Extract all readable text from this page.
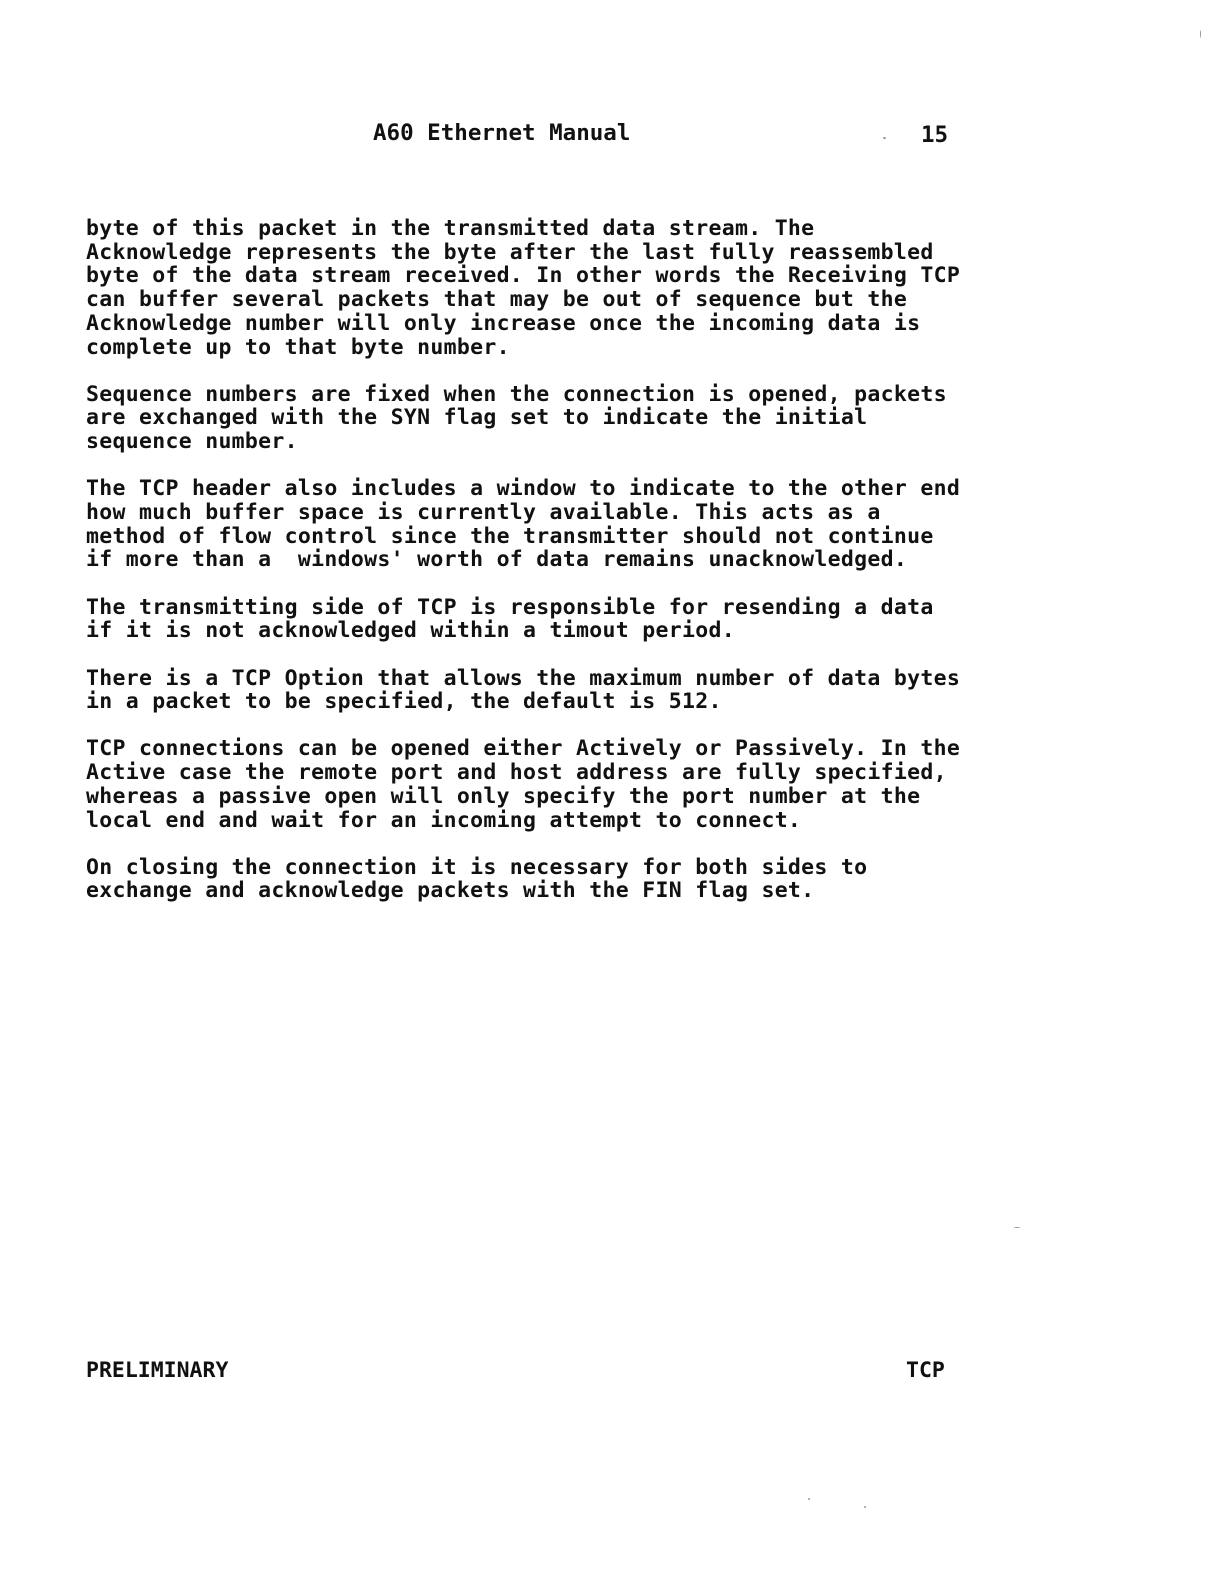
A60 Ethernet Manual	15

byte of this packet in the transmitted data stream. The
Acknowledge represents the byte after the last fully reassembled
byte of the data stream received. In other words the Receiving TCP
can buffer several packets that may be out of sequence but the
Acknowledge number will only increase once the incoming data is
complete up to that byte number.

Sequence numbers are fixed when the connection is opened, packets
are exchanged with the SYN flag set to indicate the initial
sequence number.

The TCP header also includes a window to indicate to the other end
how much buffer space is currently available. This acts as a
method of flow control since the transmitter should not continue
if more than a  windows' worth of data remains unacknowledged.

The transmitting side of TCP is responsible for resending a data
if it is not acknowledged within a timout period.

There is a TCP Option that allows the maximum number of data bytes
in a packet to be specified, the default is 512.

TCP connections can be opened either Actively or Passively. In the
Active case the remote port and host address are fully specified,
whereas a passive open will only specify the port number at the
local end and wait for an incoming attempt to connect.

On closing the connection it is necessary for both sides to
exchange and acknowledge packets with the FIN flag set.

PRELIMINARY	TCP
